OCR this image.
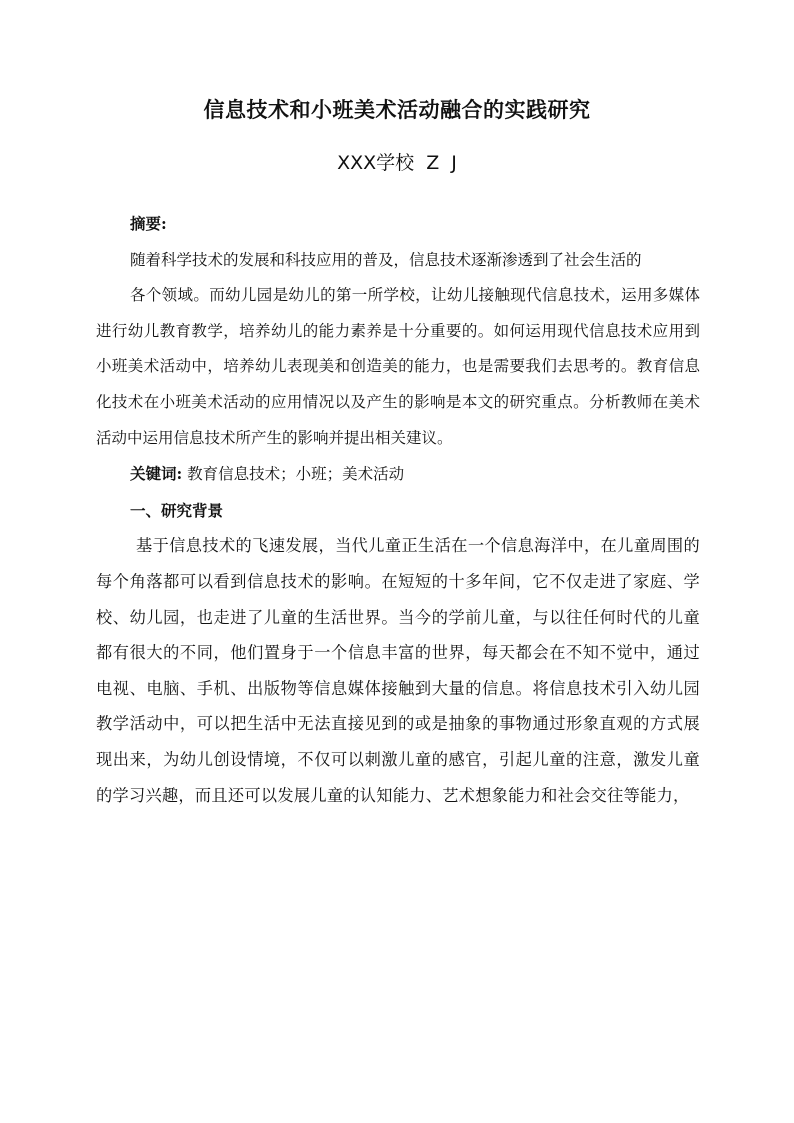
信息技术和小班美术活动融合的实践研究
XXX学校 Z J

摘要:

随着科学技术的发展和科技应用的普及，信息技术逐渐渗透到了社会生活的

各个领域。而幼儿园是幼儿的第一所学校，让幼儿接触现代信息技术，运用多媒体进行幼儿教育教学，培养幼儿的能力素养是十分重要的。如何运用现代信息技术应用到小班美术活动中，培养幼儿表现美和创造美的能力，也是需要我们去思考的。教育信息化技术在小班美术活动的应用情况以及产生的影响是本文的研究重点。分析教师在美术活动中运用信息技术所产生的影响并提出相关建议。

关键词: 教育信息技术；小班；美术活动

一、研究背景

基于信息技术的飞速发展，当代儿童正生活在一个信息海洋中，在儿童周围的每个角落都可以看到信息技术的影响。在短短的十多年间，它不仅走进了家庭、学校、幼儿园，也走进了儿童的生活世界。当今的学前儿童，与以往任何时代的儿童都有很大的不同，他们置身于一个信息丰富的世界，每天都会在不知不觉中，通过电视、电脑、手机、出版物等信息媒体接触到大量的信息。将信息技术引入幼儿园教学活动中，可以把生活中无法直接见到的或是抽象的事物通过形象直观的方式展现出来，为幼儿创设情境，不仅可以刺激儿童的感官，引起儿童的注意，激发儿童的学习兴趣，而且还可以发展儿童的认知能力、艺术想象能力和社会交往等能力，
